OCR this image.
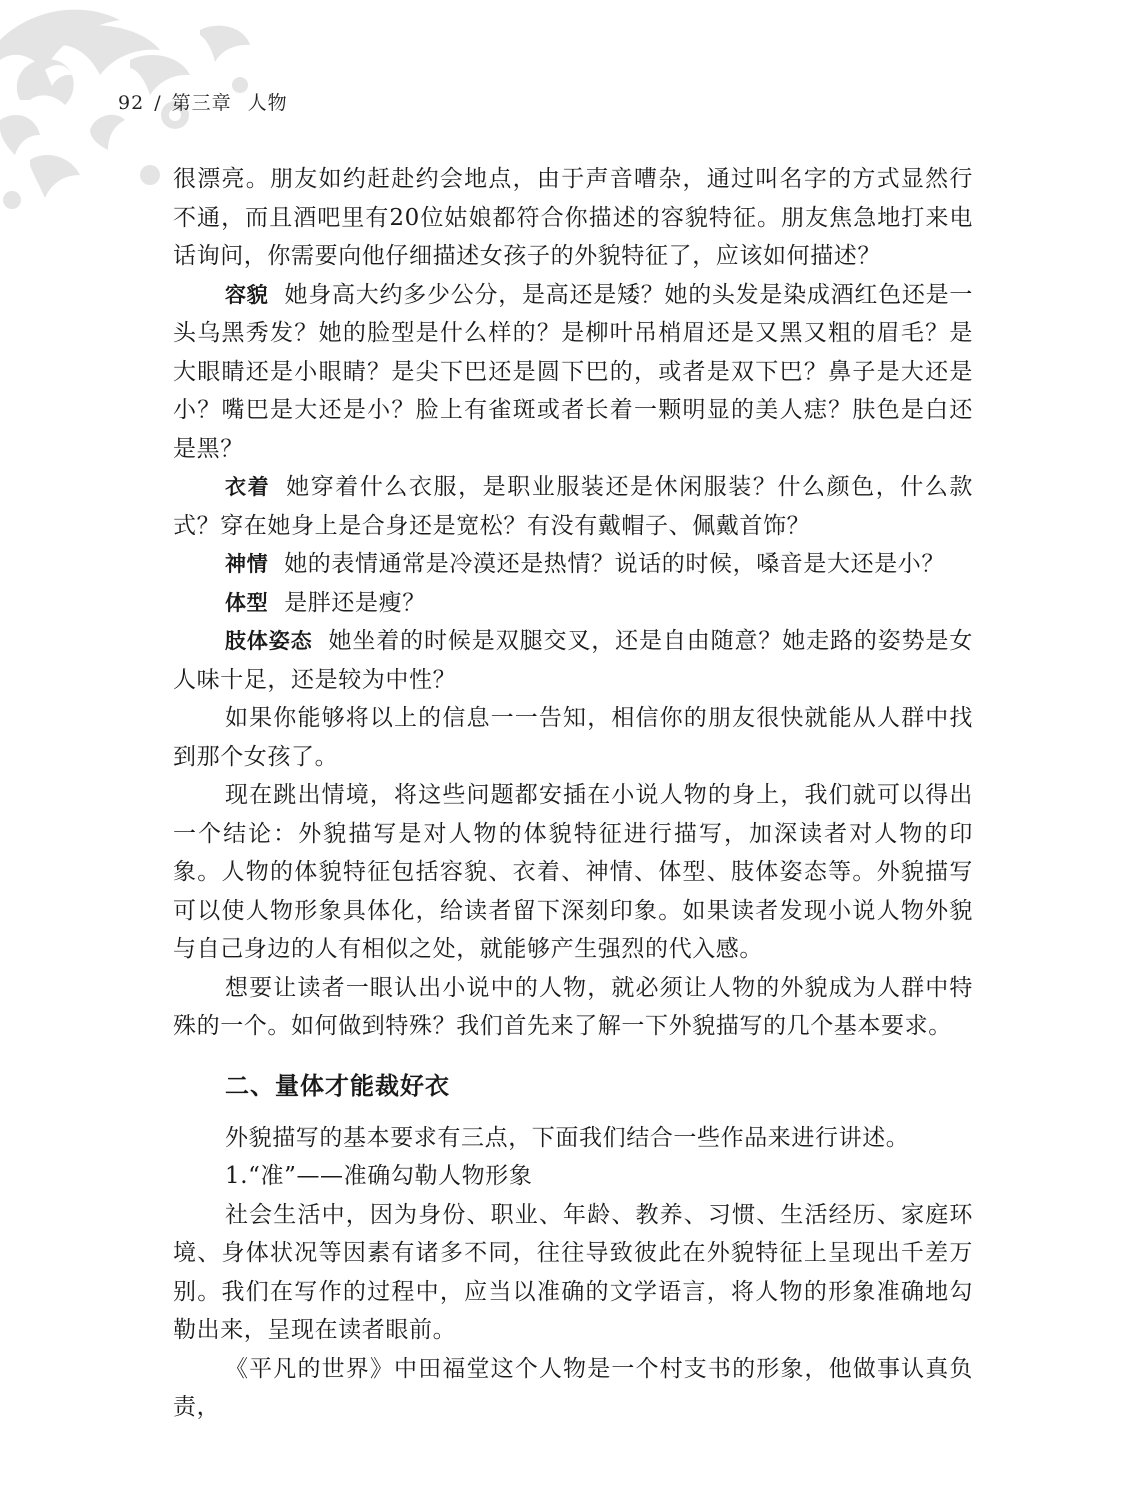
92 / 第三章 人物

很漂亮。朋友如约赶赴约会地点，由于声音嘈杂，通过叫名字的方式显然行不通，而且酒吧里有20位姑娘都符合你描述的容貌特征。朋友焦急地打来电话询问，你需要向他仔细描述女孩子的外貌特征了，应该如何描述？

容貌 她身高大约多少公分，是高还是矮？她的头发是染成酒红色还是一头乌黑秀发？她的脸型是什么样的？是柳叶吊梢眉还是又黑又粗的眉毛？是大眼睛还是小眼睛？是尖下巴还是圆下巴的，或者是双下巴？鼻子是大还是小？嘴巴是大还是小？脸上有雀斑或者长着一颗明显的美人痣？肤色是白还是黑？

衣着 她穿着什么衣服，是职业服装还是休闲服装？什么颜色，什么款式？穿在她身上是合身还是宽松？有没有戴帽子、佩戴首饰？

神情 她的表情通常是冷漠还是热情？说话的时候，嗓音是大还是小？

体型 是胖还是瘦？

肢体姿态 她坐着的时候是双腿交叉，还是自由随意？她走路的姿势是女人味十足，还是较为中性？

如果你能够将以上的信息一一告知，相信你的朋友很快就能从人群中找到那个女孩了。

现在跳出情境，将这些问题都安插在小说人物的身上，我们就可以得出一个结论：外貌描写是对人物的体貌特征进行描写，加深读者对人物的印象。人物的体貌特征包括容貌、衣着、神情、体型、肢体姿态等。外貌描写可以使人物形象具体化，给读者留下深刻印象。如果读者发现小说人物外貌与自己身边的人有相似之处，就能够产生强烈的代入感。

想要让读者一眼认出小说中的人物，就必须让人物的外貌成为人群中特殊的一个。如何做到特殊？我们首先来了解一下外貌描写的几个基本要求。

二、量体才能裁好衣

外貌描写的基本要求有三点，下面我们结合一些作品来进行讲述。

1.“准”——准确勾勒人物形象

社会生活中，因为身份、职业、年龄、教养、习惯、生活经历、家庭环境、身体状况等因素有诸多不同，往往导致彼此在外貌特征上呈现出千差万别。我们在写作的过程中，应当以准确的文学语言，将人物的形象准确地勾勒出来，呈现在读者眼前。

《平凡的世界》中田福堂这个人物是一个村支书的形象，他做事认真负责，
